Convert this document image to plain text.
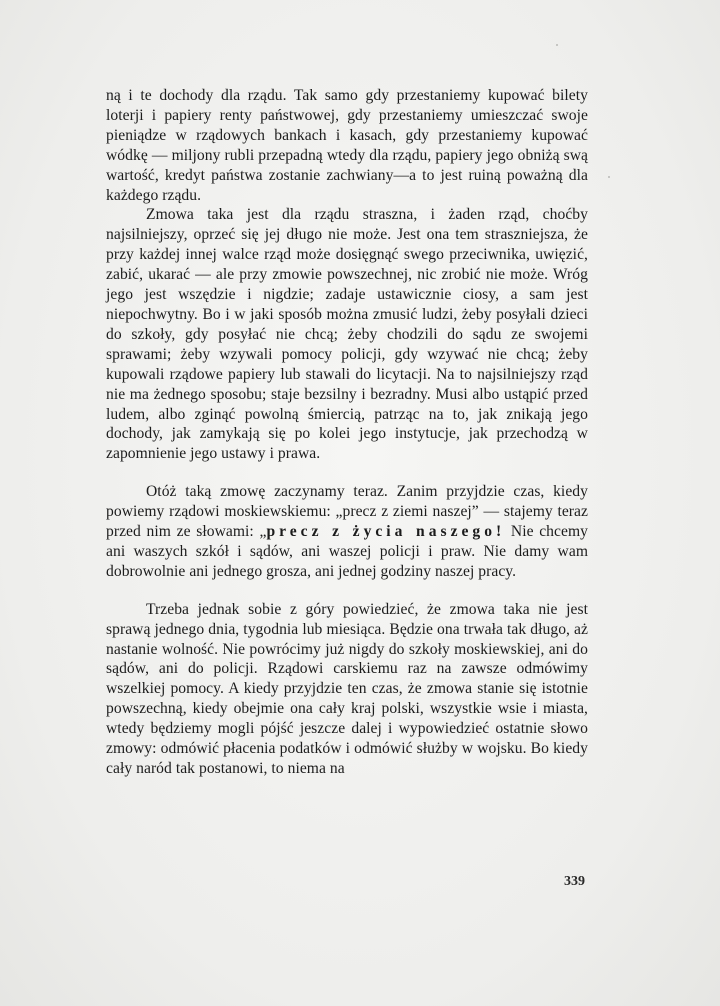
ną i te dochody dla rządu. Tak samo gdy przestaniemy kupować bilety loterji i papiery renty państwowej, gdy przestaniemy umieszczać swoje pieniądze w rządowych bankach i kasach, gdy przestaniemy kupować wódkę — miljony rubli przepadną wtedy dla rządu, papiery jego obniżą swą wartość, kredyt państwa zostanie zachwiany—a to jest ruiną poważną dla każdego rządu.

Zmowa taka jest dla rządu straszna, i żaden rząd, choćby najsilniejszy, oprzeć się jej długo nie może. Jest ona tem straszniejsza, że przy każdej innej walce rząd może dosięgnąć swego przeciwnika, uwięzić, zabić, ukarać — ale przy zmowie powszechnej, nic zrobić nie może. Wróg jego jest wszędzie i nigdzie; zadaje ustawicznie ciosy, a sam jest niepochwytny. Bo i w jaki sposób można zmusić ludzi, żeby posyłali dzieci do szkoły, gdy posyłać nie chcą; żeby chodzili do sądu ze swojemi sprawami; żeby wzywali pomocy policji, gdy wzywać nie chcą; żeby kupowali rządowe papiery lub stawali do licytacji. Na to najsilniejszy rząd nie ma żednego sposobu; staje bezsilny i bezradny. Musi albo ustąpić przed ludem, albo zginąć powolną śmiercią, patrząc na to, jak znikają jego dochody, jak zamykają się po kolei jego instytucje, jak przechodzą w zapomnienie jego ustawy i prawa.

Otóż taką zmowę zaczynamy teraz. Zanim przyjdzie czas, kiedy powiemy rządowi moskiewskiemu: „precz z ziemi naszej” — stajemy teraz przed nim ze słowami: „precz z życia naszego! Nie chcemy ani waszych szkół i sądów, ani waszej policji i praw. Nie damy wam dobrowolnie ani jednego grosza, ani jednej godziny naszej pracy.

Trzeba jednak sobie z góry powiedzieć, że zmowa taka nie jest sprawą jednego dnia, tygodnia lub miesiąca. Będzie ona trwała tak długo, aż nastanie wolność. Nie powrócimy już nigdy do szkoły moskiewskiej, ani do sądów, ani do policji. Rządowi carskiemu raz na zawsze odmówimy wszelkiej pomocy. A kiedy przyjdzie ten czas, że zmowa stanie się istotnie powszechną, kiedy obejmie ona cały kraj polski, wszystkie wsie i miasta, wtedy będziemy mogli pójść jeszcze dalej i wypowiedzieć ostatnie słowo zmowy: odmówić płacenia podatków i odmówić służby w wojsku. Bo kiedy cały naród tak postanowi, to niema na

339
